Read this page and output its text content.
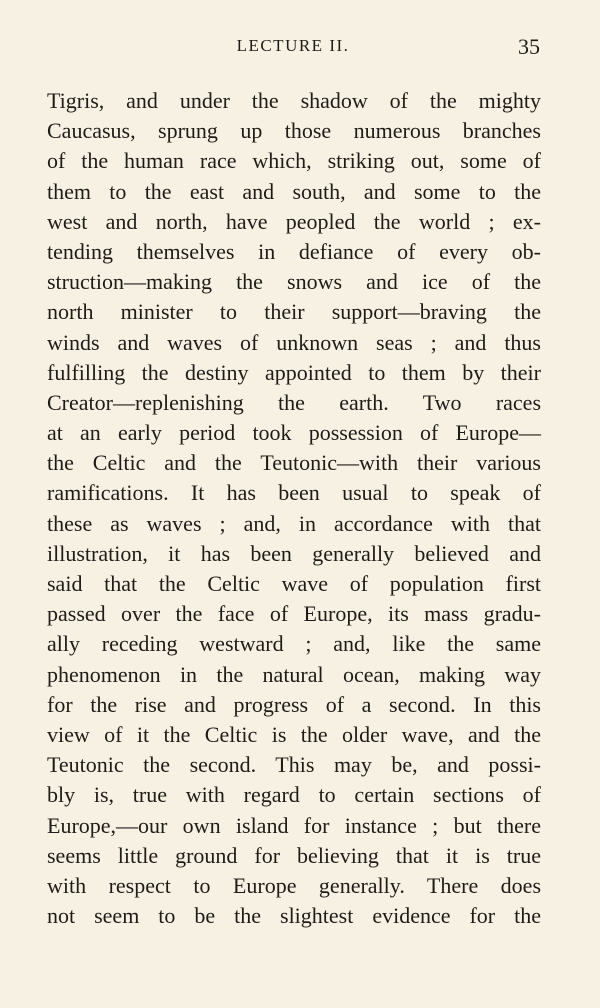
LECTURE II.	35
Tigris, and under the shadow of the mighty
Caucasus, sprung up those numerous branches
of the human race which, striking out, some of
them to the east and south, and some to the
west and north, have peopled the world ; ex-
tending themselves in defiance of every ob-
struction—making the snows and ice of the
north minister to their support—braving the
winds and waves of unknown seas ; and thus
fulfilling the destiny appointed to them by their
Creator—replenishing the earth. Two races
at an early period took possession of Europe—
the Celtic and the Teutonic—with their various
ramifications. It has been usual to speak of
these as waves ; and, in accordance with that
illustration, it has been generally believed and
said that the Celtic wave of population first
passed over the face of Europe, its mass gradu-
ally receding westward ; and, like the same
phenomenon in the natural ocean, making way
for the rise and progress of a second. In this
view of it the Celtic is the older wave, and the
Teutonic the second. This may be, and possi-
bly is, true with regard to certain sections of
Europe,—our own island for instance ; but there
seems little ground for believing that it is true
with respect to Europe generally. There does
not seem to be the slightest evidence for the
